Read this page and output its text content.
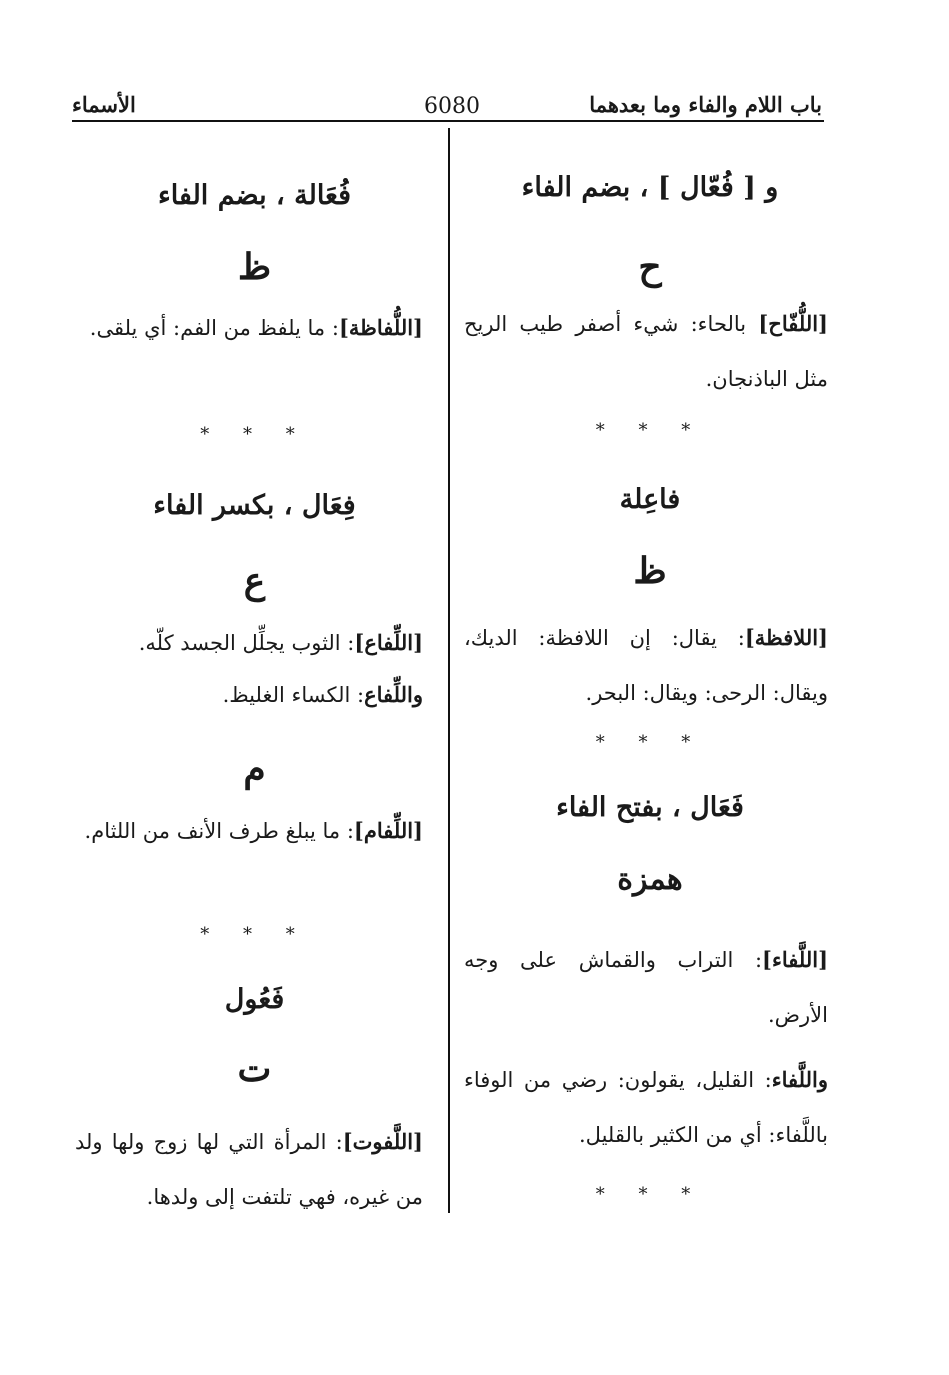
باب اللام والفاء وما بعدهما
6080
الأسماء
و [ فُعّال ] ، بضم الفاء
ح
[اللُّفّاح] بالحاء: شيء أصفر طيب الريح مثل الباذنجان.
* * *
فاعِلة
ظ
[اللافظة]: يقال: إن اللافظة: الديك، ويقال: الرحى: ويقال: البحر.
* * *
فَعَال ، بفتح الفاء
همزة
[اللَّفاء]: التراب والقماش على وجه الأرض.
واللَّفاء: القليل، يقولون: رضي من الوفاء باللَّفاء: أي من الكثير بالقليل.
* * *
فُعَالة ، بضم الفاء
ظ
[اللُّفاظة]: ما يلفظ من الفم: أي يلقى.
* * *
فِعَال ، بكسر الفاء
ع
[اللِّفاع]: الثوب يجلِّل الجسد كلّه.
واللِّفاع: الكساء الغليظ.
م
[اللِّفام]: ما يبلغ طرف الأنف من اللثام.
* * *
فَعُول
ت
[اللَّفوت]: المرأة التي لها زوج ولها ولد من غيره، فهي تلتفت إلى ولدها.
